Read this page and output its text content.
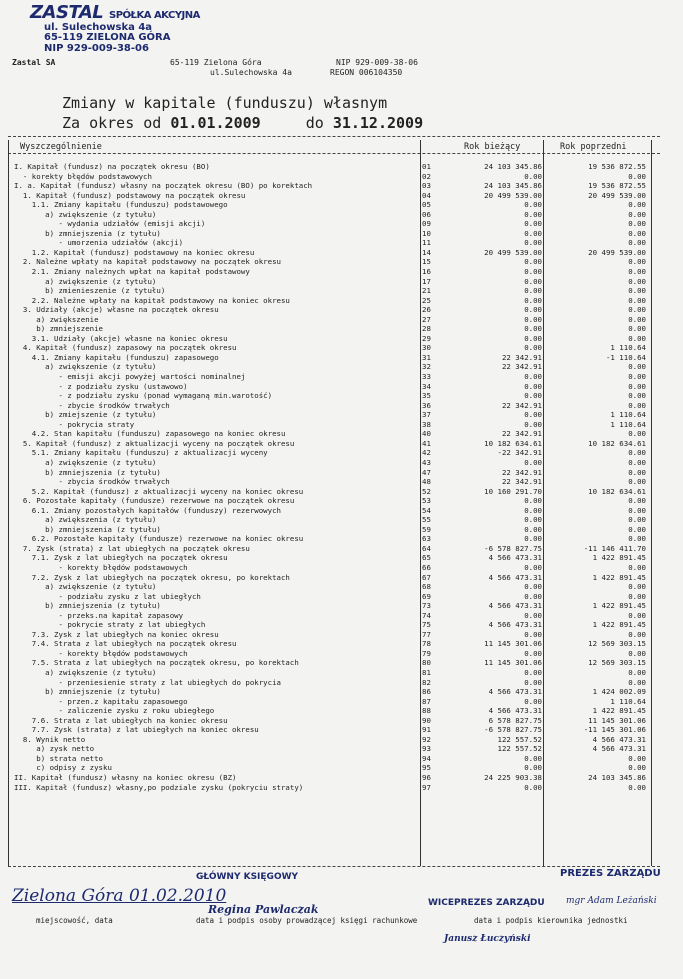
ZASTAL SPÓŁKA AKCYJNA
ul. Sulechowska 4a
65-119 ZIELONA GÓRA
NIP 929-009-38-06
Zastal SA	65-119 Zielona Góra
ul.Sulechowska 4a
NIP 929-009-38-06
REGON 006104350
Zmiany w kapitale (funduszu) własnym
Za okres od 01.01.2009	do 31.12.2009
Wyszczególnienie	Rok bieżący	Rok poprzedni
I. Kapitał (fundusz) na początek okresu (BO)	01	24 103 345.86	19 536 872.55
- korekty błędów podstawowych	02	0.00	0.00
I. a. Kapitał (fundusz) własny na początek okresu (BO) po korektach	03	24 103 345.86	19 536 872.55
1. Kapitał (fundusz) podstawowy na początek okresu	04	20 499 539.00	20 499 539.00
1.1. Zmiany kapitału (funduszu) podstawowego	05	0.00	0.00
a) zwiększenie (z tytułu)	06	0.00	0.00
- wydania udziałów (emisji akcji)	09	0.00	0.00
b) zmniejszenia (z tytułu)	10	0.00	0.00
- umorzenia udziałów (akcji)	11	0.00	0.00
1.2. Kapitał (fundusz) podstawowy na koniec okresu	14	20 499 539.00	20 499 539.00
2. Należne wpłaty na kapitał podstawowy na początek okresu	15	0.00	0.00
2.1. Zmiany należnych wpłat na kapitał podstawowy	16	0.00	0.00
a) zwiększenie (z tytułu)	17	0.00	0.00
b) zmienieszenie (z tytułu)	21	0.00	0.00
2.2. Należne wpłaty na kapitał podstawowy na koniec okresu	25	0.00	0.00
3. Udziały (akcje) własne na początek okresu	26	0.00	0.00
a) zwiększenie	27	0.00	0.00
b) zmniejszenie	28	0.00	0.00
3.1. Udziały (akcje) własne na koniec okresu	29	0.00	0.00
4. Kapitał (fundusz) zapasowy na początek okresu	30	0.00	1 110.64
4.1. Zmiany kapitału (funduszu) zapasowego	31	22 342.91	-1 110.64
a) zwiększenie (z tytułu)	32	22 342.91	0.00
- emisji akcji powyżej wartości nominalnej	33	0.00	0.00
- z podziału zysku (ustawowo)	34	0.00	0.00
- z podziału zysku (ponad wymaganą min.warotość)	35	0.00	0.00
- zbycie środków trwałych	36	22 342.91	0.00
b) zmiejszenie (z tytułu)	37	0.00	1 110.64
- pokrycia straty	38	0.00	1 110.64
4.2. Stan kapitału (funduszu) zapasowego na koniec okresu	40	22 342.91	0.00
5. Kapitał (fundusz) z aktualizacji wyceny na początek okresu	41	10 182 634.61	10 182 634.61
5.1. Zmiany kapitału (funduszu) z aktualizacji wyceny	42	-22 342.91	0.00
a) zwiększenie (z tytułu)	43	0.00	0.00
b) zmniejszenia (z tytułu)	47	22 342.91	0.00
- zbycia środków trwałych	48	22 342.91	0.00
5.2. Kapitał (fundusz) z aktualizacji wyceny na koniec okresu	52	10 160 291.70	10 182 634.61
6. Pozostałe kapitały (fundusze) rezerwowe na początek okresu	53	0.00	0.00
6.1. Zmiany pozostałych kapitałów (funduszy) rezerwowych	54	0.00	0.00
a) zwiększenia (z tytułu)	55	0.00	0.00
b) zmniejszenia (z tytułu)	59	0.00	0.00
6.2. Pozostałe kapitały (fundusze) rezerwowe na koniec okresu	63	0.00	0.00
7. Zysk (strata) z lat ubiegłych na początek okresu	64	-6 578 827.75	-11 146 411.70
7.1. Zysk z lat ubiegłych na początek okresu	65	4 566 473.31	1 422 891.45
- korekty błędów podstawowych	66	0.00	0.00
7.2. Zysk z lat ubiegłych na początek okresu, po korektach	67	4 566 473.31	1 422 891.45
a) zwiększenie (z tytułu)	68	0.00	0.00
- podziału zysku z lat ubiegłych	69	0.00	0.00
b) zmniejszenia (z tytułu)	73	4 566 473.31	1 422 891.45
- przeks.na kapitał zapasowy	74	0.00	0.00
- pokrycie straty z lat ubiegłych	75	4 566 473.31	1 422 891.45
7.3. Zysk z lat ubiegłych na koniec okresu	77	0.00	0.00
7.4. Strata z lat ubiegłych na początek okresu	78	11 145 301.06	12 569 303.15
- korekty błędów podstawowych	79	0.00	0.00
7.5. Strata z lat ubiegłych na początek okresu, po korektach	80	11 145 301.06	12 569 303.15
a) zwiększenie (z tytułu)	81	0.00	0.00
- przeniesienie straty z lat ubiegłych do pokrycia	82	0.00	0.00
b) zmniejszenie (z tytułu)	86	4 566 473.31	1 424 002.09
- przen.z kapitału zapasowego	87	0.00	1 110.64
- zaliczenie zysku z roku ubiegłego	88	4 566 473.31	1 422 891.45
7.6. Strata z lat ubiegłych na koniec okresu	90	6 578 827.75	11 145 301.06
7.7. Zysk (strata) z lat ubiegłych na koniec okresu	91	-6 578 827.75	-11 145 301.06
8. Wynik netto	92	122 557.52	4 566 473.31
a) zysk netto	93	122 557.52	4 566 473.31
b) strata netto	94	0.00	0.00
c) odpisy z zysku	95	0.00	0.00
II. Kapitał (fundusz) własny na koniec okresu (BZ)	96	24 225 903.38	24 103 345.86
III. Kapitał (fundusz) własny,po podziale zysku (pokryciu straty)	97	0.00	0.00
Zielona Góra 01.02.2010
miejscowość, data
GŁÓWNY KSIĘGOWY
Regina Pawlaczak
data i podpis osoby prowadzącej księgi rachunkowe
WICEPREZES ZARZĄDU
Janusz Łuczyński
PREZES ZARZĄDU
mgr Adam Leżański
data i podpis kierownika jednostki
